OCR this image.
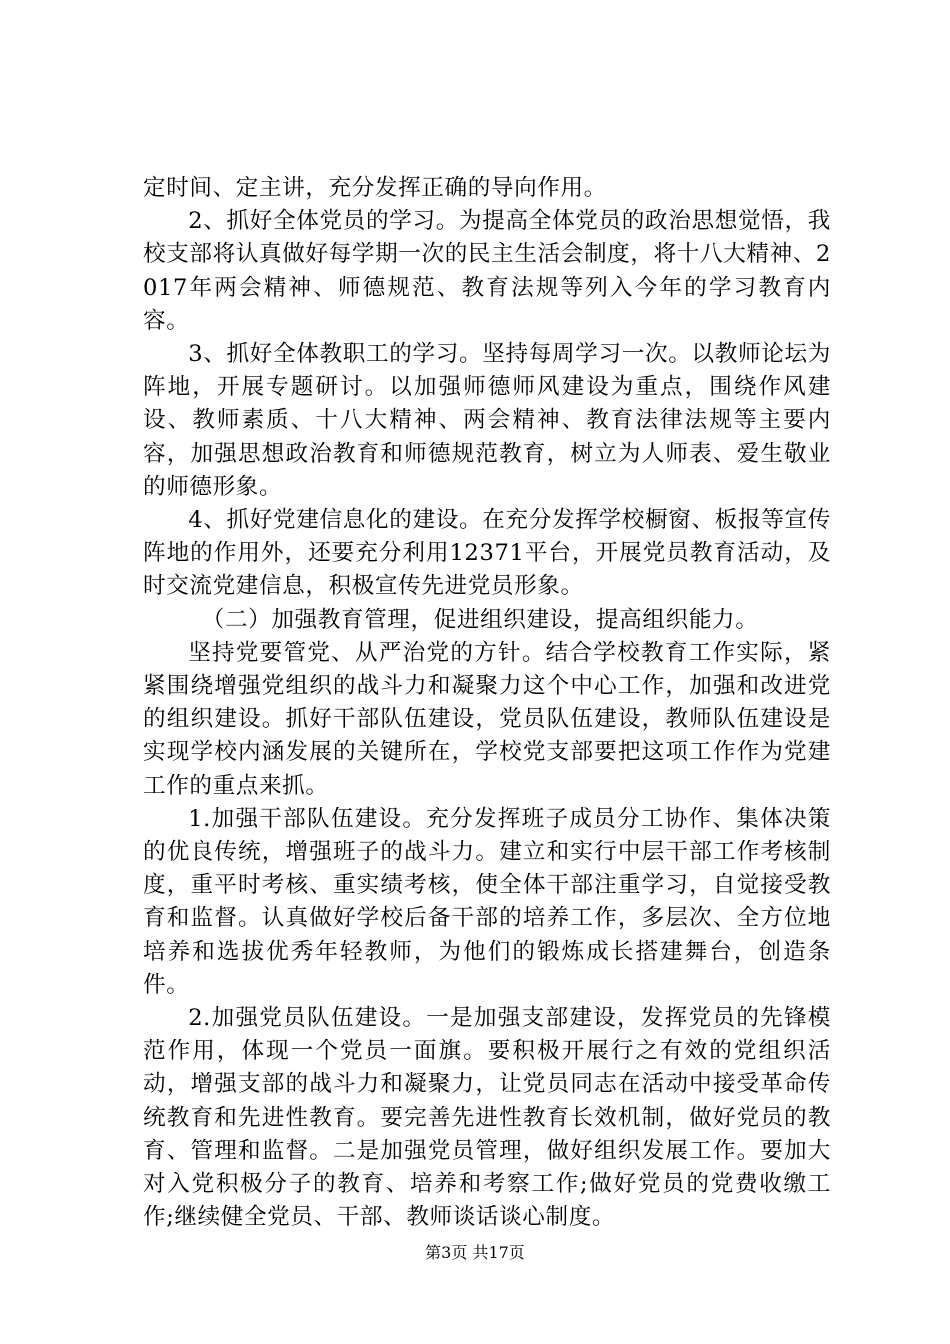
定时间、定主讲，充分发挥正确的导向作用。

2、抓好全体党员的学习。为提高全体党员的政治思想觉悟，我校支部将认真做好每学期一次的民主生活会制度，将十八大精神、2017年两会精神、师德规范、教育法规等列入今年的学习教育内容。

3、抓好全体教职工的学习。坚持每周学习一次。以教师论坛为阵地，开展专题研讨。以加强师德师风建设为重点，围绕作风建设、教师素质、十八大精神、两会精神、教育法律法规等主要内容，加强思想政治教育和师德规范教育，树立为人师表、爱生敬业的师德形象。

4、抓好党建信息化的建设。在充分发挥学校橱窗、板报等宣传阵地的作用外，还要充分利用12371平台，开展党员教育活动，及时交流党建信息，积极宣传先进党员形象。

（二）加强教育管理，促进组织建设，提高组织能力。

坚持党要管党、从严治党的方针。结合学校教育工作实际，紧紧围绕增强党组织的战斗力和凝聚力这个中心工作，加强和改进党的组织建设。抓好干部队伍建设，党员队伍建设，教师队伍建设是实现学校内涵发展的关键所在，学校党支部要把这项工作作为党建工作的重点来抓。

1.加强干部队伍建设。充分发挥班子成员分工协作、集体决策的优良传统，增强班子的战斗力。建立和实行中层干部工作考核制度，重平时考核、重实绩考核，使全体干部注重学习，自觉接受教育和监督。认真做好学校后备干部的培养工作，多层次、全方位地培养和选拔优秀年轻教师，为他们的锻炼成长搭建舞台，创造条件。

2.加强党员队伍建设。一是加强支部建设，发挥党员的先锋模范作用，体现一个党员一面旗。要积极开展行之有效的党组织活动，增强支部的战斗力和凝聚力，让党员同志在活动中接受革命传统教育和先进性教育。要完善先进性教育长效机制，做好党员的教育、管理和监督。二是加强党员管理，做好组织发展工作。要加大对入党积极分子的教育、培养和考察工作;做好党员的党费收缴工作;继续健全党员、干部、教师谈话谈心制度。

第3页 共17页
